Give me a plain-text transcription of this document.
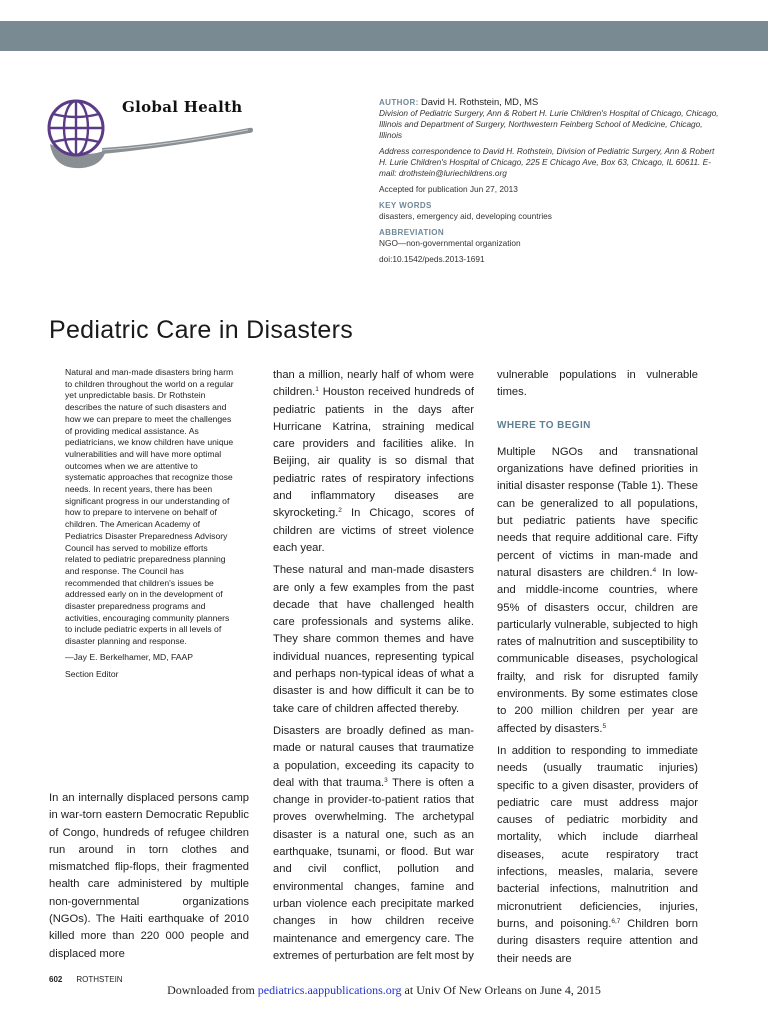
Global Health	AUTHOR: David H. Rothstein, MD, MS

Division of Pediatric Surgery, Ann & Robert H. Lurie Children's Hospital of Chicago, Chicago, Illinois and Department of Surgery, Northwestern Feinberg School of Medicine, Chicago, Illinois

Address correspondence to David H. Rothstein, Division of Pediatric Surgery, Ann & Robert H. Lurie Children's Hospital of Chicago, 225 E Chicago Ave, Box 63, Chicago, IL 60611. E-mail: drothstein@luriechildrens.org

Accepted for publication Jun 27, 2013

KEY WORDS

disasters, emergency aid, developing countries

ABBREVIATION

NGO—non-governmental organization

doi:10.1542/peds.2013-1691

Pediatric Care in Disasters

Natural and man-made disasters bring harm to children throughout the world on a regular yet unpredictable basis. Dr Rothstein describes the nature of such disasters and how we can prepare to meet the challenges of providing medical assistance. As pediatricians, we know children have unique vulnerabilities and will have more optimal outcomes when we are attentive to systematic approaches that recognize those needs. In recent years, there has been significant progress in our understanding of how to prepare to intervene on behalf of children. The American Academy of Pediatrics Disaster Preparedness Advisory Council has served to mobilize efforts related to pediatric preparedness planning and response. The Council has recommended that children's issues be addressed early on in the development of disaster preparedness programs and activities, encouraging community planners to include pediatric experts in all levels of disaster planning and response.

—Jay E. Berkelhamer, MD, FAAP

Section Editor

In an internally displaced persons camp in war-torn eastern Democratic Republic of Congo, hundreds of refugee children run around in torn clothes and mismatched flip-flops, their fragmented health care administered by multiple non-governmental organizations (NGOs). The Haiti earthquake of 2010 killed more than 220 000 people and displaced more

than a million, nearly half of whom were children.$^1$ Houston received hundreds of pediatric patients in the days after Hurricane Katrina, straining medical care providers and facilities alike. In Beijing, air quality is so dismal that pediatric rates of respiratory infections and inflammatory diseases are skyrocketing.$^2$ In Chicago, scores of children are victims of street violence each year.

These natural and man-made disasters are only a few examples from the past decade that have challenged health care professionals and systems alike. They share common themes and have individual nuances, representing typical and perhaps non-typical ideas of what a disaster is and how difficult it can be to take care of children affected thereby.

Disasters are broadly defined as man-made or natural causes that traumatize a population, exceeding its capacity to deal with that trauma.$^3$ There is often a change in provider-to-patient ratios that proves overwhelming. The archetypal disaster is a natural one, such as an earthquake, tsunami, or flood. But war and civil conflict, pollution and environmental changes, famine and urban violence each precipitate marked changes in how children receive maintenance and emergency care. The extremes of perturbation are felt most by

vulnerable populations in vulnerable times.

WHERE TO BEGIN

Multiple NGOs and transnational organizations have defined priorities in initial disaster response (Table 1). These can be generalized to all populations, but pediatric patients have specific needs that require additional care. Fifty percent of victims in man-made and natural disasters are children.$^4$ In low- and middle-income countries, where 95% of disasters occur, children are particularly vulnerable, subjected to high rates of malnutrition and susceptibility to communicable diseases, psychological frailty, and risk for disrupted family environments. By some estimates close to 200 million children per year are affected by disasters.$^5$

In addition to responding to immediate needs (usually traumatic injuries) specific to a given disaster, providers of pediatric care must address major causes of pediatric morbidity and mortality, which include diarrheal diseases, acute respiratory tract infections, measles, malaria, severe bacterial infections, malnutrition and micronutrient deficiencies, injuries, burns, and poisoning.$^{6,7}$ Children born during disasters require attention and their needs are

602 ROTHSTEIN
Downloaded from pediatrics.aappublications.org at Univ Of New Orleans on June 4, 2015
